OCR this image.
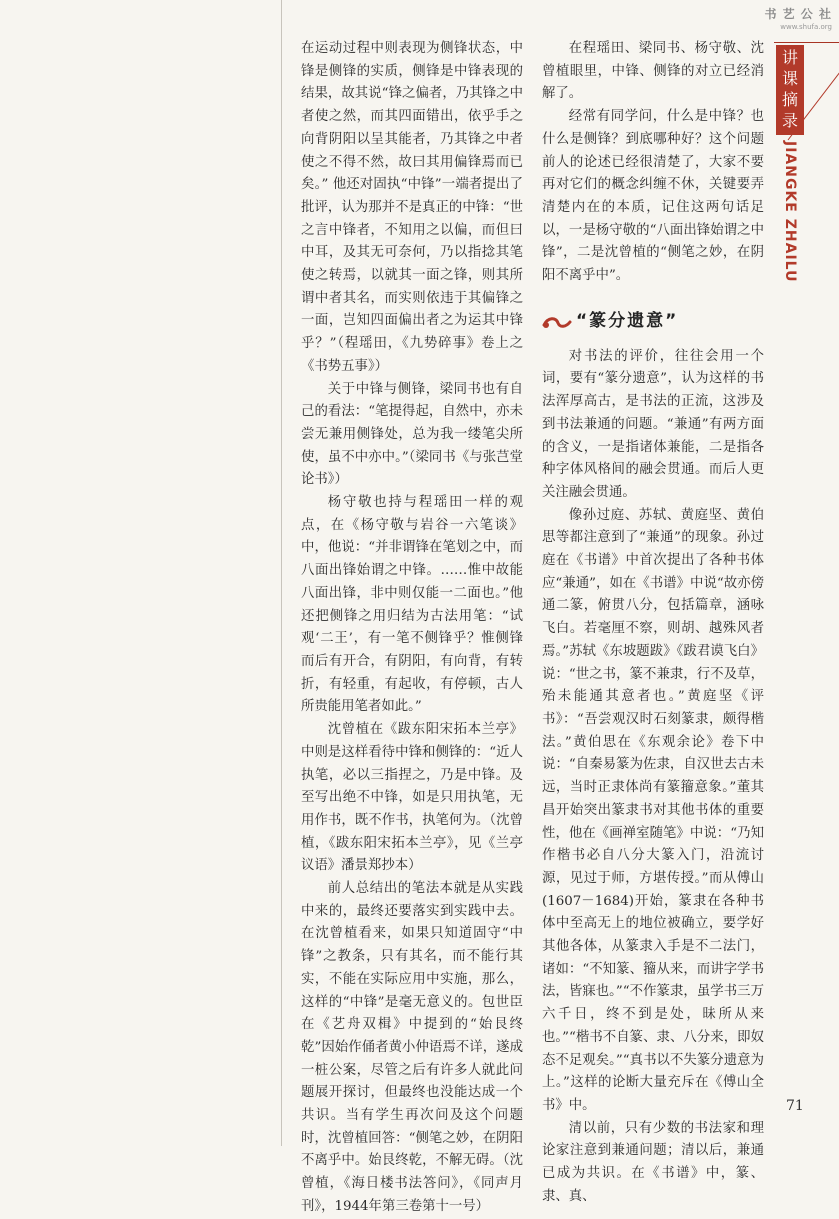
书 艺 公 社
www.shufa.org
讲
课
摘
录
JIANGKE ZHAILU

在运动过程中则表现为侧锋状态，中锋是侧锋的实质，侧锋是中锋表现的结果，故其说“锋之偏者，乃其锋之中者使之然，而其四面错出，依乎手之向背阴阳以呈其能者，乃其锋之中者使之不得不然，故曰其用偏锋焉而已矣。” 他还对固执“中锋”一端者提出了批评，认为那并不是真正的中锋：“世之言中锋者，不知用之以偏，而但曰中耳，及其无可奈何，乃以指捻其笔使之转焉，以就其一面之锋，则其所谓中者其名，而实则依违于其偏锋之一面，岂知四面偏出者之为运其中锋乎？”（程瑶田，《九势碎事》卷上之《书势五事》）

关于中锋与侧锋，梁同书也有自己的看法：“笔提得起，自然中，亦未尝无兼用侧锋处，总为我一缕笔尖所使，虽不中亦中。”（梁同书《与张芑堂论书》）

杨守敬也持与程瑶田一样的观点，在《杨守敬与岩谷一六笔谈》中，他说：“并非谓锋在笔划之中，而八面出锋始谓之中锋。……惟中故能八面出锋，非中则仅能一二面也。”他还把侧锋之用归结为古法用笔：“试观‘二王’，有一笔不侧锋乎？惟侧锋而后有开合，有阴阳，有向背，有转折，有轻重，有起收，有停顿，古人所贵能用笔者如此。”

沈曾植在《跋东阳宋拓本兰亭》中则是这样看待中锋和侧锋的：“近人执笔，必以三指捏之，乃是中锋。及至写出绝不中锋，如是只用执笔，无用作书，既不作书，执笔何为。（沈曾植，《跋东阳宋拓本兰亭》，见《兰亭议语》潘景郑抄本）

前人总结出的笔法本就是从实践中来的，最终还要落实到实践中去。在沈曾植看来，如果只知道固守“中锋”之教条，只有其名，而不能行其实，不能在实际应用中实施，那么，这样的“中锋”是毫无意义的。包世臣在《艺舟双楫》中提到的“始艮终乾”因始作俑者黄小仲语焉不详，遂成一桩公案，尽管之后有许多人就此问题展开探讨，但最终也没能达成一个共识。当有学生再次问及这个问题时，沈曾植回答：“侧笔之妙，在阴阳不离乎中。始艮终乾，不解无碍。（沈曾植，《海日楼书法答问》，《同声月刊》，1944年第三卷第十一号）

在程瑶田、梁同书、杨守敬、沈曾植眼里，中锋、侧锋的对立已经消解了。

经常有同学问，什么是中锋？也什么是侧锋？到底哪种好？这个问题前人的论述已经很清楚了，大家不要再对它们的概念纠缠不休，关键要弄清楚内在的本质，记住这两句话足以，一是杨守敬的“八面出锋始谓之中锋”，二是沈曾植的“侧笔之妙，在阴阳不离乎中”。

“篆分遗意”

对书法的评价，往往会用一个词，要有“篆分遗意”，认为这样的书法浑厚高古，是书法的正流，这涉及到书法兼通的问题。“兼通”有两方面的含义，一是指诸体兼能，二是指各种字体风格间的融会贯通。而后人更关注融会贯通。

像孙过庭、苏轼、黄庭坚、黄伯思等都注意到了“兼通”的现象。孙过庭在《书谱》中首次提出了各种书体应“兼通”，如在《书谱》中说“故亦傍通二篆，俯贯八分，包括篇章，涵咏飞白。若毫厘不察，则胡、越殊风者焉。”苏轼《东坡题跋》《跋君谟飞白》说：“世之书，篆不兼隶，行不及草，殆未能通其意者也。”黄庭坚《评书》：“吾尝观汉时石刻篆隶，颇得楷法。”黄伯思在《东观余论》卷下中说：“自秦易篆为佐隶，自汉世去古未远，当时正隶体尚有篆籀意象。”董其昌开始突出篆隶书对其他书体的重要性，他在《画禅室随笔》中说：“乃知作楷书必自八分大篆入门，沿流讨源，见过于师，方堪传授。”而从傅山(1607－1684)开始，篆隶在各种书体中至高无上的地位被确立，要学好其他各体，从篆隶入手是不二法门，诸如：“不知篆、籀从来，而讲字学书法，皆寐也。”“不作篆隶，虽学书三万六千日，终不到是处，昧所从来也。”“楷书不自篆、隶、八分来，即奴态不足观矣。”“真书以不失篆分遗意为上。”这样的论断大量充斥在《傅山全书》中。

清以前，只有少数的书法家和理论家注意到兼通问题；清以后，兼通已成为共识。在《书谱》中，篆、隶、真、

71
